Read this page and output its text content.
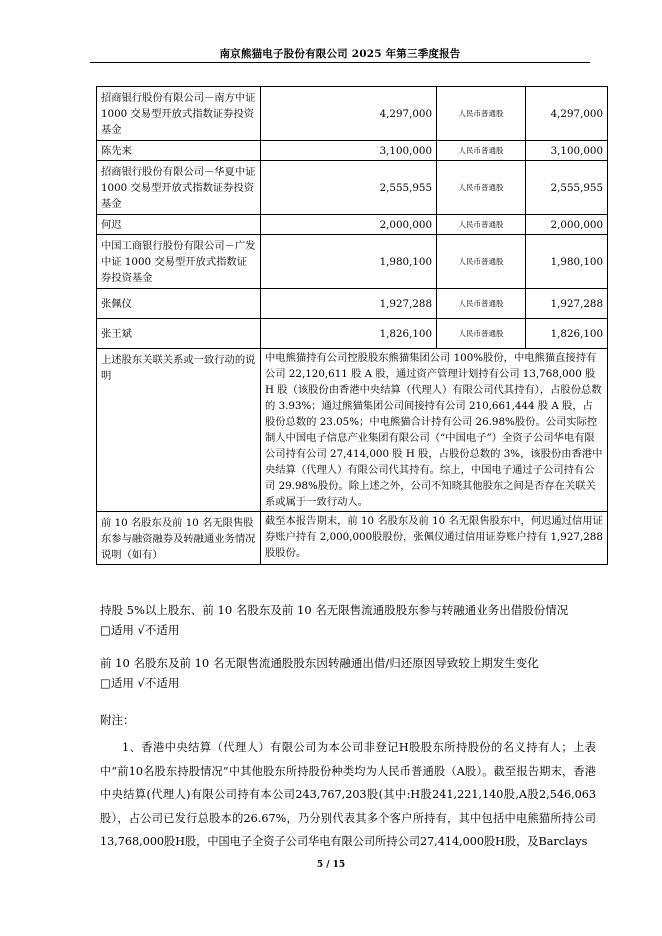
南京熊猫电子股份有限公司 2025 年第三季度报告
招商银行股份有限公司－南方中证 1000 交易型开放式指数证券投资基金	4,297,000	人民币普通股	4,297,000
陈先来	3,100,000	人民币普通股	3,100,000
招商银行股份有限公司－华夏中证 1000 交易型开放式指数证券投资基金	2,555,955	人民币普通股	2,555,955
何迟	2,000,000	人民币普通股	2,000,000
中国工商银行股份有限公司－广发中证 1000 交易型开放式指数证券投资基金	1,980,100	人民币普通股	1,980,100
张佩仪	1,927,288	人民币普通股	1,927,288
张王斌	1,826,100	人民币普通股	1,826,100
上述股东关联关系或一致行动的说明	中电熊猫持有公司控股股东熊猫集团公司 100%股份，中电熊猫直接持有公司 22,120,611 股 A 股，通过资产管理计划持有公司 13,768,000 股 H 股（该股份由香港中央结算（代理人）有限公司代其持有），占股份总数的 3.93%；通过熊猫集团公司间接持有公司 210,661,444 股 A 股，占股份总数的 23.05%；中电熊猫合计持有公司 26.98%股份。公司实际控制人中国电子信息产业集团有限公司（“中国电子”）全资子公司华电有限公司持有公司 27,414,000 股 H 股，占股份总数的 3%，该股份由香港中央结算（代理人）有限公司代其持有。综上，中国电子通过子公司持有公司 29.98%股份。除上述之外，公司不知晓其他股东之间是否存在关联关系或属于一致行动人。		
前 10 名股东及前 10 名无限售股东参与融资融券及转融通业务情况说明（如有）	截至本报告期末，前 10 名股东及前 10 名无限售股东中，何迟通过信用证券账户持有 2,000,000股股份，张佩仪通过信用证券账户持有 1,927,288 股股份。		
持股 5%以上股东、前 10 名股东及前 10 名无限售流通股股东参与转融通业务出借股份情况
□适用 √不适用
前 10 名股东及前 10 名无限售流通股股东因转融通出借/归还原因导致较上期发生变化
□适用 √不适用
附注：
1、香港中央结算（代理人）有限公司为本公司非登记H股股东所持股份的名义持有人；上表中“前10名股东持股情况”中其他股东所持股份种类均为人民币普通股（A股）。截至报告期末，香港中央结算(代理人)有限公司持有本公司243,767,203股(其中:H股241,221,140股,A股2,546,063股），占公司已发行总股本的26.67%，乃分别代表其多个客户所持有，其中包括中电熊猫所持公司13,768,000股H股，中国电子全资子公司华电有限公司所持公司27,414,000股H股，及Barclays
5 / 15
